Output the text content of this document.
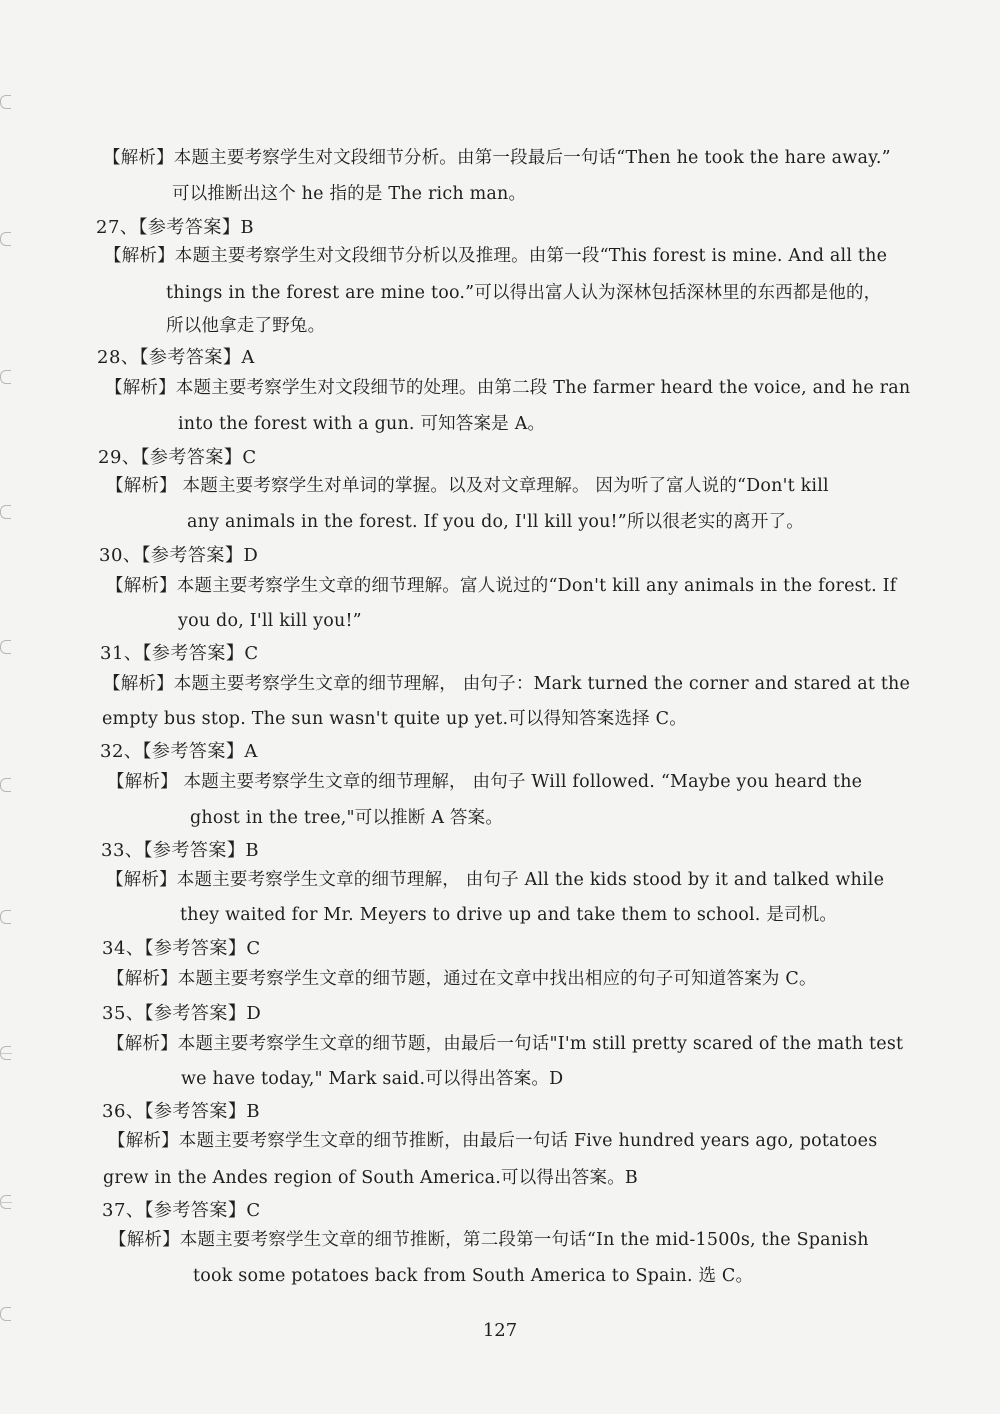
【解析】本题主要考察学生对文段细节分析。由第一段最后一句话“Then he took the hare away.”
可以推断出这个 he 指的是 The rich man。
27、【参考答案】B
【解析】本题主要考察学生对文段细节分析以及推理。由第一段“This forest is mine. And all the
things in the forest are mine too.”可以得出富人认为深林包括深林里的东西都是他的，
所以他拿走了野兔。
28、【参考答案】A
【解析】本题主要考察学生对文段细节的处理。由第二段 The farmer heard the voice, and he ran
into the forest with a gun. 可知答案是 A。
29、【参考答案】C
【解析】 本题主要考察学生对单词的掌握。以及对文章理解。 因为听了富人说的“Don't kill
any animals in the forest. If you do, I'll kill you!”所以很老实的离开了。
30、【参考答案】D
【解析】本题主要考察学生文章的细节理解。富人说过的“Don't kill any animals in the forest. If
you do, I'll kill you!”
31、【参考答案】C
【解析】本题主要考察学生文章的细节理解， 由句子：Mark turned the corner and stared at the
empty bus stop. The sun wasn't quite up yet.可以得知答案选择 C。
32、【参考答案】A
【解析】 本题主要考察学生文章的细节理解， 由句子 Will followed. “Maybe you heard the
ghost in the tree,"可以推断 A 答案。
33、【参考答案】B
【解析】本题主要考察学生文章的细节理解， 由句子 All the kids stood by it and talked while
they waited for Mr. Meyers to drive up and take them to school. 是司机。
34、【参考答案】C
【解析】本题主要考察学生文章的细节题，通过在文章中找出相应的句子可知道答案为 C。
35、【参考答案】D
【解析】本题主要考察学生文章的细节题，由最后一句话"I'm still pretty scared of the math test
we have today," Mark said.可以得出答案。D
36、【参考答案】B
【解析】本题主要考察学生文章的细节推断，由最后一句话 Five hundred years ago, potatoes
grew in the Andes region of South America.可以得出答案。B
37、【参考答案】C
【解析】本题主要考察学生文章的细节推断，第二段第一句话“In the mid-1500s, the Spanish
took some potatoes back from South America to Spain. 选 C。
127
